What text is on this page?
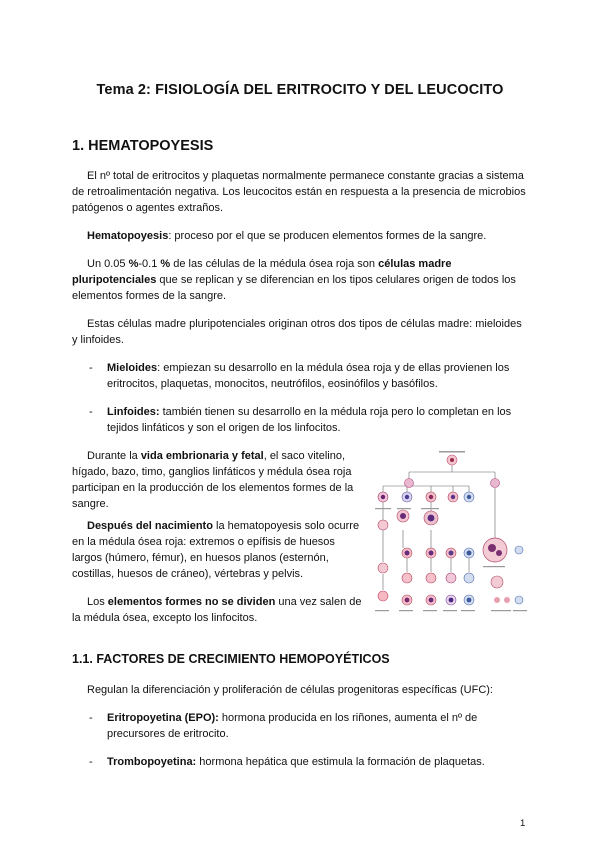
Tema 2: FISIOLOGÍA DEL ERITROCITO Y DEL LEUCOCITO
1. HEMATOPOYESIS

El nº total de eritrocitos y plaquetas normalmente permanece constante gracias a sistema de retroalimentación negativa. Los leucocitos están en respuesta a la presencia de microbios patógenos o agentes extraños.

Hematopoyesis: proceso por el que se producen elementos formes de la sangre.

Un 0.05 %-0.1 % de las células de la médula ósea roja son células madre pluripotenciales que se replican y se diferencian en los tipos celulares origen de todos los elementos formes de la sangre.

Estas células madre pluripotenciales originan otros dos tipos de células madre: mieloides y linfoides.

- Mieloides: empiezan su desarrollo en la médula ósea roja y de ellas provienen los eritrocitos, plaquetas, monocitos, neutrófilos, eosinófilos y basófilos.
- Linfoides: también tienen su desarrollo en la médula roja pero lo completan en los tejidos linfáticos y son el origen de los linfocitos.

Durante la vida embrionaria y fetal, el saco vitelino, hígado, bazo, timo, ganglios linfáticos y médula ósea roja participan en la producción de los elementos formes de la sangre.

Después del nacimiento la hematopoyesis solo ocurre en la médula ósea roja: extremos o epífisis de huesos largos (húmero, fémur), en huesos planos (esternón, costillas, huesos de cráneo), vértebras y pelvis.

Los elementos formes no se dividen una vez salen de la médula ósea, excepto los linfocitos.

1.1. FACTORES DE CRECIMIENTO HEMOPOYÉTICOS

Regulan la diferenciación y proliferación de células progenitoras específicas (UFC):

- Eritropoyetina (EPO): hormona producida en los riñones, aumenta el nº de precursores de eritrocito.
- Trombopoyetina: hormona hepática que estimula la formación de plaquetas.
1
